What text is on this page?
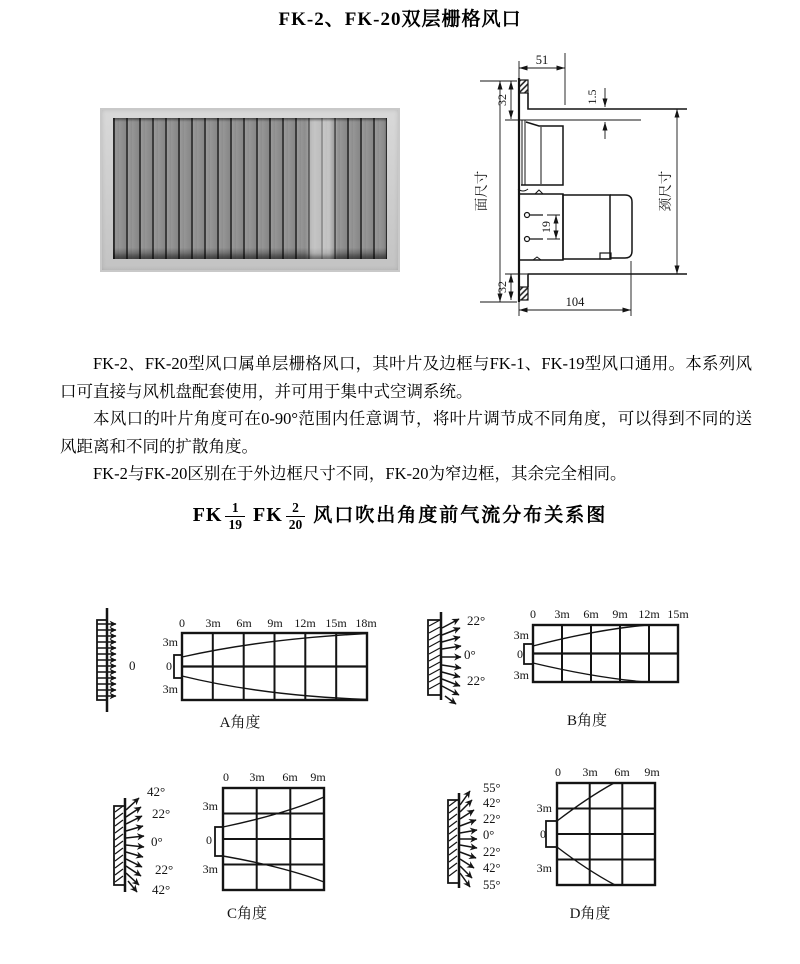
FK-2、FK-20双层栅格风口
51
1.5
32
面尺寸
19
32
104
颈尺寸

FK-2、FK-20型风口属单层栅格风口，其叶片及边框与FK-1、FK-19型风口通用。本系列风口可直接与风机盘配套使用，并可用于集中式空调系统。

本风口的叶片角度可在0-90°范围内任意调节，将叶片调节成不同角度，可以得到不同的送风距离和不同的扩散角度。

FK-2与FK-20区别在于外边框尺寸不同，FK-20为窄边框，其余完全相同。

FK $\frac{1}{19}$ FK $\frac{2}{20}$ 风口吹出角度前气流分布关系图
0
0 3m 6m 9m 12m 15m 18m
3m
0
3m
A角度
22°
0°
22°
0 3m 6m 9m 12m 15m
3m
0
3m
B角度
42°
22°
0°
22°
42°
0 3m 6m 9m
3m
0
3m
C角度
55°
42°
22°
0°
22°
42°
55°
0 3m 6m 9m
3m
0
3m
D角度
